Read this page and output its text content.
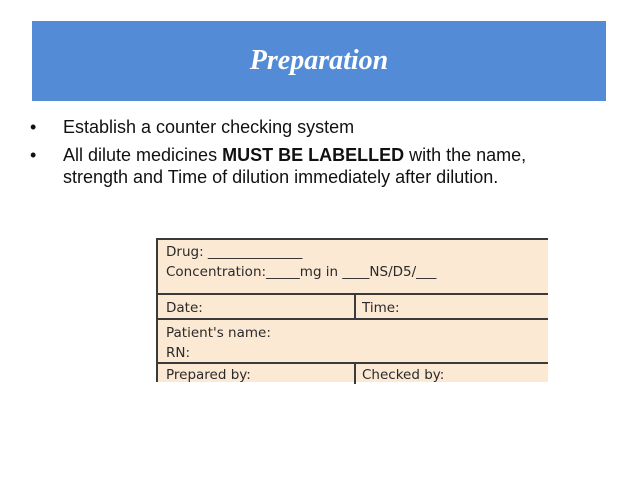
Preparation
• Establish a counter checking system
• All dilute medicines MUST BE LABELLED with the name, strength and Time of dilution immediately after dilution.
Drug: ______________
Concentration:_____mg in ____NS/D5/___
Date:	Time:
Patient's name:
RN:
Prepared by:	Checked by:
